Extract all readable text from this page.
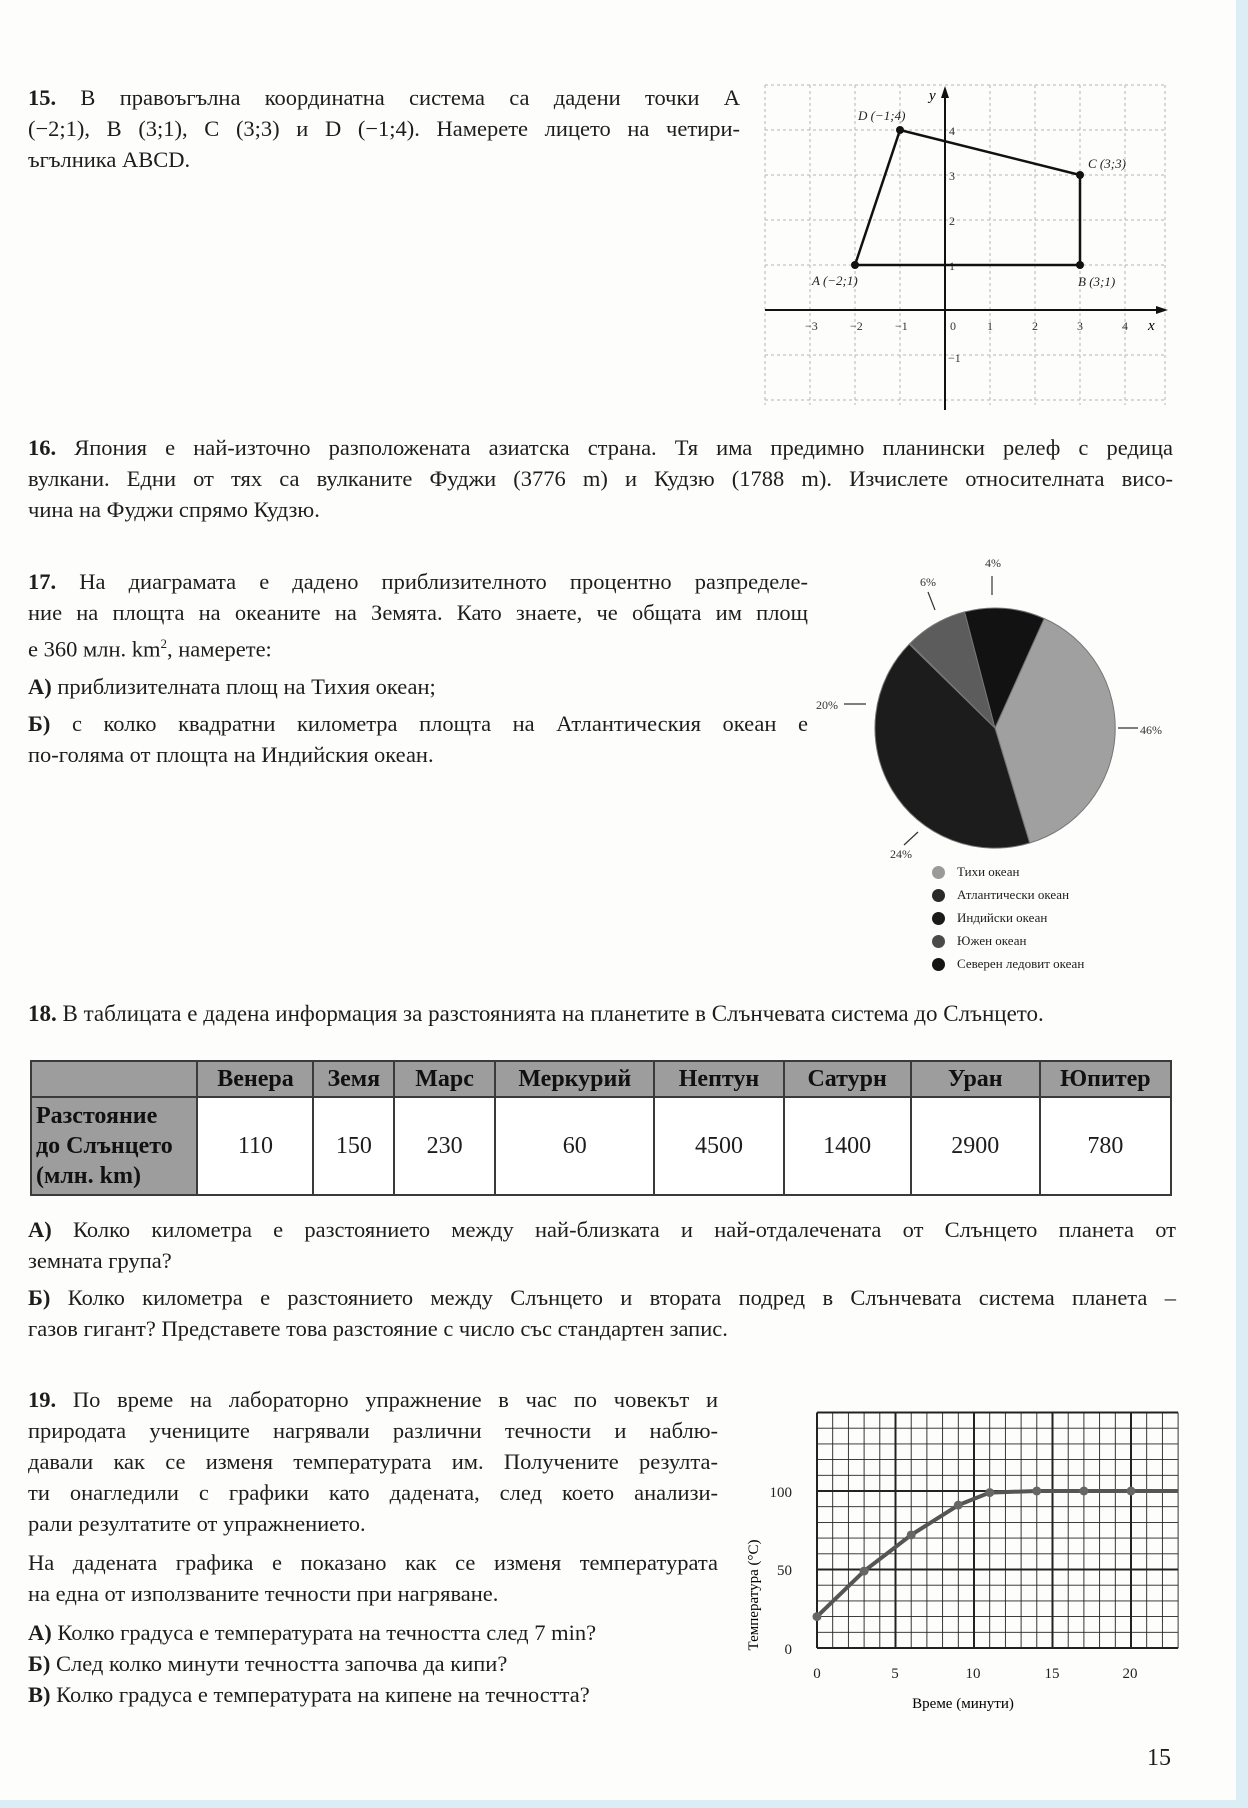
15. В правоъгълна координатна система са дадени точки A

(−2;1), B (3;1), C (3;3) и D (−1;4). Намерете лицето на четири-

ъгълника ABCD.

y
x
−3	−2	−1	0	1	2	3	4
−1
1
2
3
4
A (−2;1)	B (3;1)
C (3;3)
D (−1;4)

16. Япония е най-източно разположената азиатска страна. Тя има предимно планински релеф с редица

вулкани. Едни от тях са вулканите Фуджи (3776 m) и Кудзю (1788 m). Изчислете относителната висо-

чина на Фуджи спрямо Кудзю.

17. На диаграмата е дадено приблизителното процентно разпределе-

ние на площта на океаните на Земята. Като знаете, че общата им площ

е 360 млн. $km^2$, намерете:

А) приблизителната площ на Тихия океан;

Б) с колко квадратни километра площта на Атлантическия океан е

по-голяма от площта на Индийския океан.

4%
6%
20%
46%
24%
Тихи океан
Атлантически океан
Индийски океан
Южен океан
Северен ледовит океан

18. В таблицата е дадена информация за разстоянията на планетите в Слънчевата система до Слънцето.

	Венера	Земя	Марс	Меркурий	Нептун	Сатурн	Уран	Юпитер
Разстояние
до Слънцето
(млн. km)	110	150	230	60	4500	1400	2900	780

А) Колко километра е разстоянието между най-близката и най-отдалечената от Слънцето планета от

земната група?

Б) Колко километра е разстоянието между Слънцето и втората подред в Слънчевата система планета –

газов гигант? Представете това разстояние с число със стандартен запис.

19. По време на лабораторно упражнение в час по човекът и

природата учениците нагрявали различни течности и наблю-

давали как се изменя температурата им. Получените резулта-

ти онагледили с графики като дадената, след което анализи-

рали резултатите от упражнението.

На дадената графика е показано как се изменя температурата

на една от използваните течности при нагряване.

А) Колко градуса е температурата на течността след 7 min?

Б) След колко минути течността започва да кипи?

В) Колко градуса е температурата на кипене на течността?

Температура (°C)
Време (минути)
0
50
100
0	5	10	15	20
15
